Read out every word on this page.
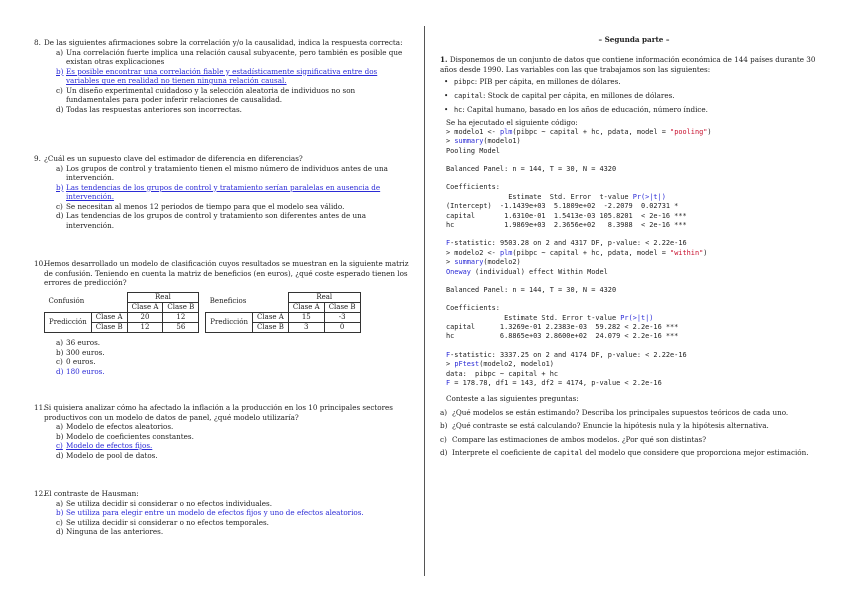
8. De las siguientes afirmaciones sobre la correlación y/o la causalidad, indica la respuesta correcta:
a) Una correlación fuerte implica una relación causal subyacente, pero también es posible que existan otras explicaciones
b) Es posible encontrar una correlación fiable y estadísticamente significativa entre dos variables que en realidad no tienen ninguna relación causal.
c) Un diseño experimental cuidadoso y la selección aleatoria de individuos no son fundamentales para poder inferir relaciones de causalidad.
d) Todas las respuestas anteriores son incorrectas.
9. ¿Cuál es un supuesto clave del estimador de diferencia en diferencias?
a) Los grupos de control y tratamiento tienen el mismo número de individuos antes de una intervención.
b) Las tendencias de los grupos de control y tratamiento serían paralelas en ausencia de intervención.
c) Se necesitan al menos 12 periodos de tiempo para que el modelo sea válido.
d) Las tendencias de los grupos de control y tratamiento son diferentes antes de una intervención.
10.
Hemos desarrollado un modelo de clasificación cuyos resultados se muestran en la siguiente matriz de confusión. Teniendo en cuenta la matriz de beneficios (en euros), ¿qué coste esperado tienen los errores de predicción?
Confusión		Real	
		Clase A	Clase B
Predicción	Clase A	20	12
	Clase B	12	56
Beneficios		Real	
		Clase A	Clase B
Predicción	Clase A	15	-3
	Clase B	3	0
a) 36 euros.
b) 300 euros.
c) 0 euros.
d) 180 euros.
11.
Si quisiera analizar cómo ha afectado la inflación a la producción en los 10 principales sectores productivos con un modelo de datos de panel, ¿qué modelo utilizaría?
a) Modelo de efectos aleatorios.
b) Modelo de coeficientes constantes.
c) Modelo de efectos fijos.
d) Modelo de pool de datos.
12.
El contraste de Hausman:
a) Se utiliza decidir si considerar o no efectos individuales.
b) Se utiliza para elegir entre un modelo de efectos fijos y uno de efectos aleatorios.
c) Se utiliza decidir si considerar o no efectos temporales.
d) Ninguna de las anteriores.
– Segunda parte –
1. Disponemos de un conjunto de datos que contiene información económica de 144 países durante 30 años desde 1990. Las variables con las que trabajamos son las siguientes:
• pibpc: PIB per cápita, en millones de dólares.
• capital: Stock de capital per cápita, en millones de dólares.
• hc: Capital humano, basado en los años de educación, número índice.
Se ha ejecutado el siguiente código:
> modelo1 <- plm(pibpc ~ capital + hc, pdata, model = "pooling")
> summary(modelo1)
Pooling Model
Balanced Panel: n = 144, T = 30, N = 4320
Coefficients:
Estimate  Std. Error  t-value Pr(>|t|)
(Intercept)  -1.1439e+03  5.1809e+02  -2.2079  0.02731 *
capital       1.6310e-01  1.5413e-03 105.8201  < 2e-16 ***
hc            1.9869e+03  2.3656e+02   8.3988  < 2e-16 ***
F-statistic: 9503.28 on 2 and 4317 DF, p-value: < 2.22e-16
> modelo2 <- plm(pibpc ~ capital + hc, pdata, model = "within")
> summary(modelo2)
Oneway (individual) effect Within Model
Balanced Panel: n = 144, T = 30, N = 4320
Coefficients:
Estimate Std. Error t-value Pr(>|t|)
capital      1.3269e-01 2.2383e-03  59.282 < 2.2e-16 ***
hc           6.8865e+03 2.8600e+02  24.079 < 2.2e-16 ***
F-statistic: 3337.25 on 2 and 4174 DF, p-value: < 2.22e-16
> pFtest(modelo2, modelo1)
data:  pibpc ~ capital + hc
F = 178.78, df1 = 143, df2 = 4174, p-value < 2.2e-16
Conteste a las siguientes preguntas:
a) ¿Qué modelos se están estimando? Describa los principales supuestos teóricos de cada uno.
b) ¿Qué contraste se está calculando? Enuncie la hipótesis nula y la hipótesis alternativa.
c) Compare las estimaciones de ambos modelos. ¿Por qué son distintas?
d) Interprete el coeficiente de capital del modelo que considere que proporciona mejor estimación.
